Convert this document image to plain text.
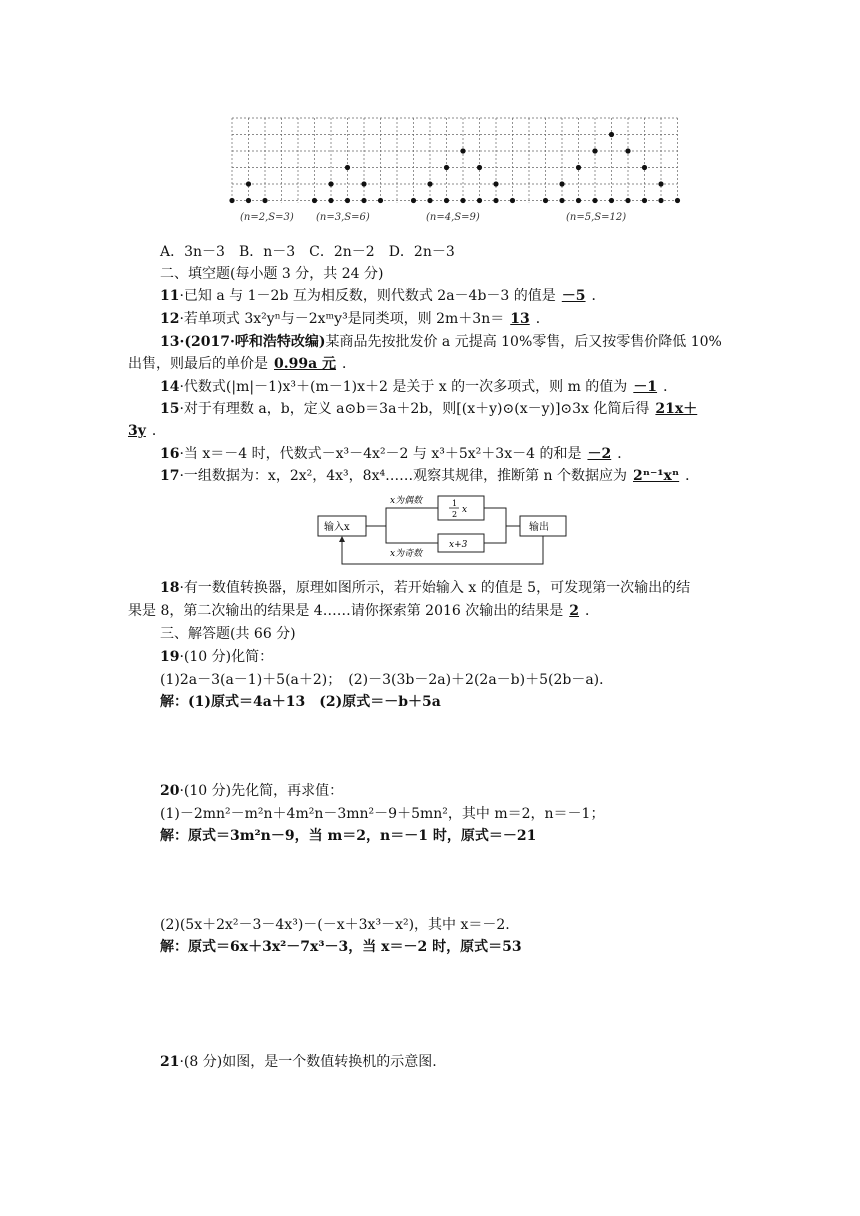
(n=2,S=3) (n=3,S=6)	(n=4,S=9)	(n=5,S=12)
A．3n－3　B．n－3　C．2n－2　D．2n－3
二、填空题(每小题 3 分，共 24 分)
11·已知 a 与 1－2b 互为相反数，则代数式 2a－4b－3 的值是 －5 ．
12·若单项式 3x²yⁿ与－2xᵐy³是同类项，则 2m＋3n＝ 13 ．
13·(2017·呼和浩特改编)某商品先按批发价 a 元提高 10%零售，后又按零售价降低 10%
出售，则最后的单价是 0.99a 元 ．
14·代数式(|m|－1)x³＋(m－1)x＋2 是关于 x 的一次多项式，则 m 的值为 －1 ．
15·对于有理数 a，b，定义 a⊙b＝3a＋2b，则[(x＋y)⊙(x－y)]⊙3x 化简后得 21x＋
3y ．
16·当 x＝－4 时，代数式－x³－4x²－2 与 x³＋5x²＋3x－4 的和是 －2 ．
17·一组数据为：x，2x²，4x³，8x⁴……观察其规律，推断第 n 个数据应为 2ⁿ⁻¹xⁿ ．
输入x	输出
x为偶数
x为奇数
1
2 x
x+3
18·有一数值转换器，原理如图所示，若开始输入 x 的值是 5，可发现第一次输出的结
果是 8，第二次输出的结果是 4……请你探索第 2016 次输出的结果是 2 ．
三、解答题(共 66 分)
19·(10 分)化简：
(1)2a－3(a－1)＋5(a＋2)；　(2)－3(3b－2a)＋2(2a－b)＋5(2b－a)．
解：(1)原式＝4a＋13　(2)原式＝－b＋5a
20·(10 分)先化简，再求值：
(1)－2mn²－m²n＋4m²n－3mn²－9＋5mn²，其中 m＝2，n＝－1；
解：原式＝3m²n－9，当 m＝2，n＝－1 时，原式＝－21
(2)(5x＋2x²－3－4x³)－(－x＋3x³－x²)，其中 x＝－2.
解：原式＝6x＋3x²－7x³－3，当 x＝－2 时，原式＝53
21·(8 分)如图，是一个数值转换机的示意图.
